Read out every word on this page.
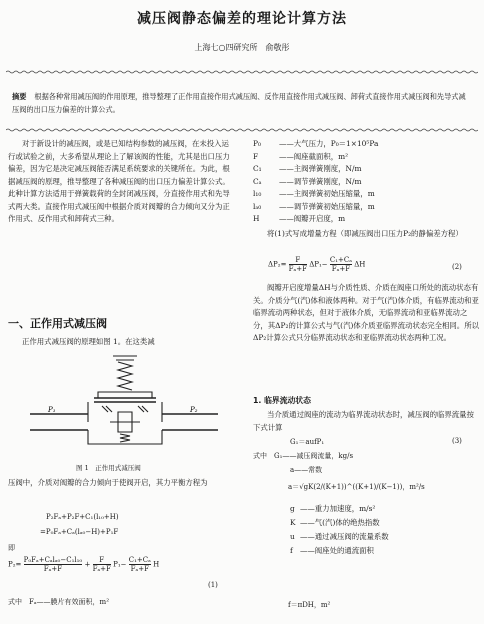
减压阀静态偏差的理论计算方法
上海七○四研究所　俞敬彤
摘要 根据各种常用减压阀的作用原理，推导整理了正作用直接作用式减压阀、反作用直接作用式减压阀、卸荷式直接作用式减压阀和先导式减压阀的出口压力偏差的计算公式。

对于新设计的减压阀，或是已知结构参数的减压阀，在未投入运行或试验之前，大多希望从理论上了解该阀的性能，尤其是出口压力偏差，因为它是决定减压阀能否满足系统要求的关键所在。为此，根据减压阀的原理，推导整理了各种减压阀的出口压力偏差计算公式。此种计算方法适用于弹簧载荷的全封闭减压阀，分直接作用式和先导式两大类。直接作用式减压阀中根据介质对阀瓣的合力倾向又分为正作用式、反作用式和卸荷式三种。

一、正作用式减压阀

正作用式减压阀的原理如图 1。在这类减

P₁	P₂
图 1　正作用式减压阀

压阀中，介质对阀瓣的合力倾向于使阀开启，其力平衡方程为

P₂Fₐ+P₂F+C₁(l₁₀+H)
=P₀Fₐ+Cₐ(lₐ₀−H)+P₁F
即
$P_2= \frac{\text{P₀Fₐ+Cₐlₐ₀−C₁l₁₀}}{\text{Fₐ+F}} + \frac{F}{\text{Fₐ+F}} P_1- \frac{\text{C₁+Cₐ}}{\text{Fₐ+F}}$ H
(1)
式中　Fₐ——膜片有效面积，m²
P₀ ——大气压力，P₀＝1×10⁵Pa
F	——阀座截面积，m²
C₁ ——主阀弹簧刚度，N/m
Cₐ ——调节弹簧刚度，N/m
l₁₀ ——主阀弹簧初始压缩量，m
lₐ₀ ——调节弹簧初始压缩量，m
H	——阀瓣开启度，m

将(1)式写成增量方程（即减压阀出口压力P₂的静偏差方程）

$\Delta P_2= \frac{F}{\text{Fₐ+F}} \Delta P_1- \frac{\text{C₁+Cₐ}}{\text{Fₐ+F}}$ ΔH	(2)

阀瓣开启度增量ΔH与介质性质、介质在阀座口所处的流动状态有关。介质分气(汽)体和液体两种。对于气(汽)体介质，有临界流动和亚临界流动两种状态，但对于液体介质，无临界流动和亚临界流动之分，其ΔP₂的计算公式与气(汽)体介质亚临界流动状态完全相同。所以ΔP₂计算公式只分临界流动状态和亚临界流动状态两种工况。

1. 临界流动状态

当介质通过阀座的流动为临界流动状态时，减压阀的临界流量按下式计算

G₁＝aufP₁	(3)
式中　G₁——减压阀流量，kg/s
a——常数
a＝√gK(2/(K+1))^((K+1)/(K−1))，m²/s
g ——重力加速度，m/s²
K ——气(汽)体的绝热指数
u ——通过减压阀的流量系数
f ——阀座处的通流面积
f＝πDH，m²
